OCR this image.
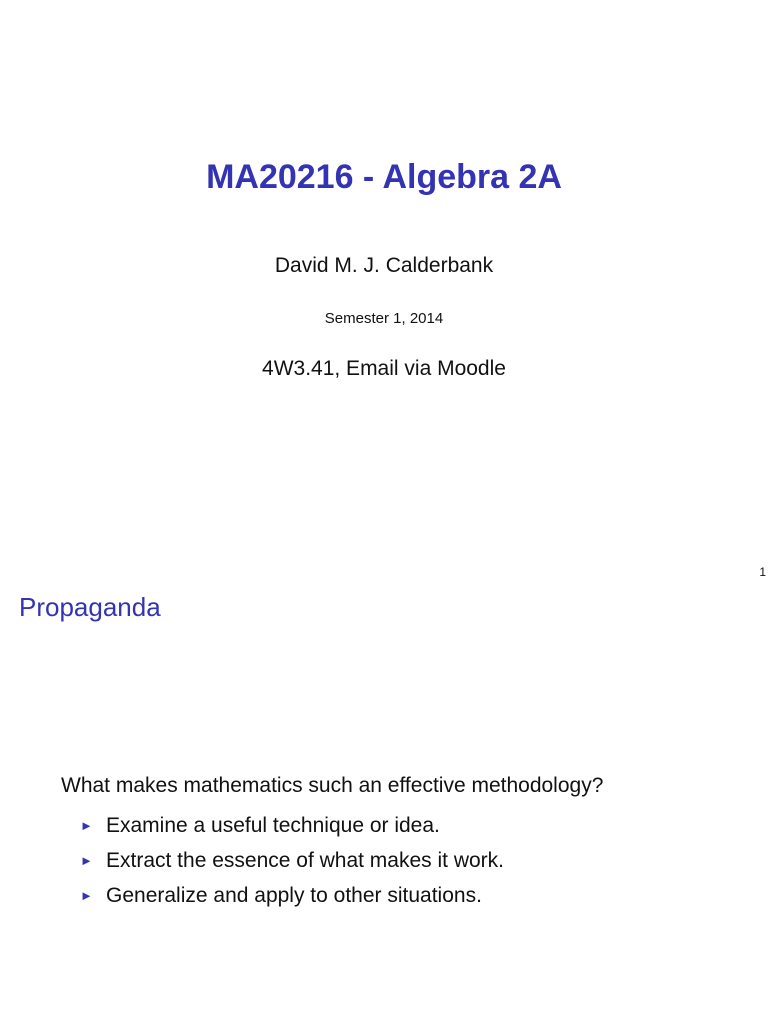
MA20216 - Algebra 2A
David M. J. Calderbank
Semester 1, 2014
4W3.41, Email via Moodle
1
Propaganda
What makes mathematics such an effective methodology?
► Examine a useful technique or idea.
► Extract the essence of what makes it work.
► Generalize and apply to other situations.
